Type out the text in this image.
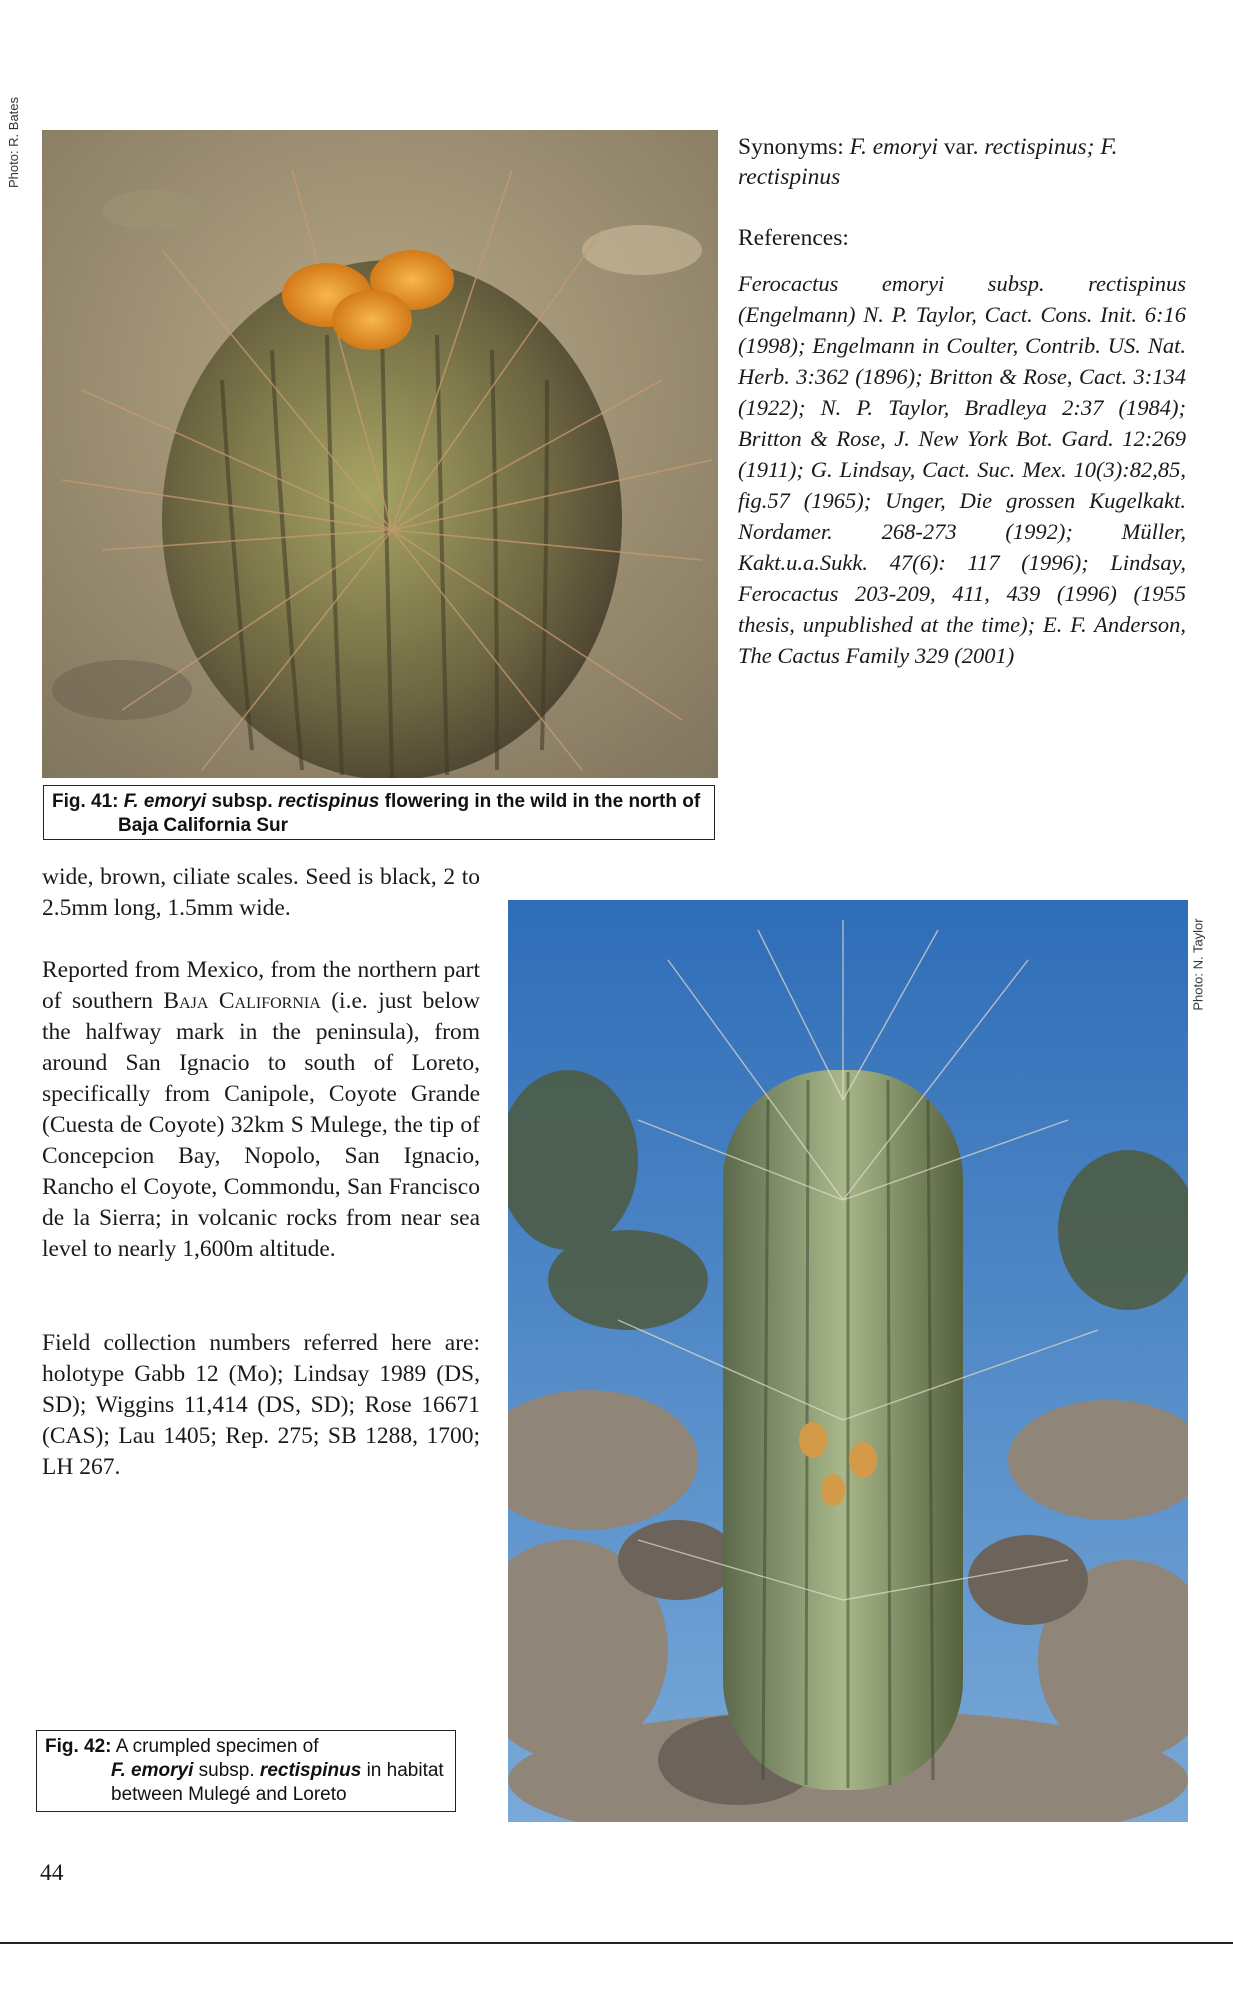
Photo: R. Bates	Synonyms: F. emoryi var. rectispinus; F. rectispinus
References:
Ferocactus emoryi subsp. rectispinus (Engelmann) N. P. Taylor, Cact. Cons. Init. 6:16 (1998); Engelmann in Coulter, Contrib. US. Nat. Herb. 3:362 (1896); Britton & Rose, Cact. 3:134 (1922); N. P. Taylor, Bradleya 2:37 (1984); Britton & Rose, J. New York Bot. Gard. 12:269 (1911); G. Lindsay, Cact. Suc. Mex. 10(3):82,85, fig.57 (1965); Unger, Die grossen Kugelkakt. Nordamer. 268-273 (1992); Müller, Kakt.u.a.Sukk. 47(6): 117 (1996); Lindsay, Ferocactus 203-209, 411, 439 (1996) (1955 thesis, unpublished at the time); E. F. Anderson, The Cactus Family 329 (2001)
Fig. 41: F. emoryi subsp. rectispinus flowering in the wild in the north of
Baja California Sur
wide, brown, ciliate scales. Seed is black, 2 to 2.5mm long, 1.5mm wide.
Reported from Mexico, from the northern part of southern Baja California (i.e. just below the halfway mark in the peninsula), from around San Ignacio to south of Loreto, specifically from Canipole, Coyote Grande (Cuesta de Coyote) 32km S Mulege, the tip of Concepcion Bay, Nopolo, San Ignacio, Rancho el Coyote, Commondu, San Francisco de la Sierra; in volcanic rocks from near sea level to nearly 1,600m altitude.
Field collection numbers referred here are: holotype Gabb 12 (Mo); Lindsay 1989 (DS, SD); Wiggins 11,414 (DS, SD); Rose 16671 (CAS); Lau 1405; Rep. 275; SB 1288, 1700; LH 267.
Photo: N. Taylor
Fig. 42: A crumpled specimen of
F. emoryi subsp. rectispinus in habitat
between Mulegé and Loreto
44
